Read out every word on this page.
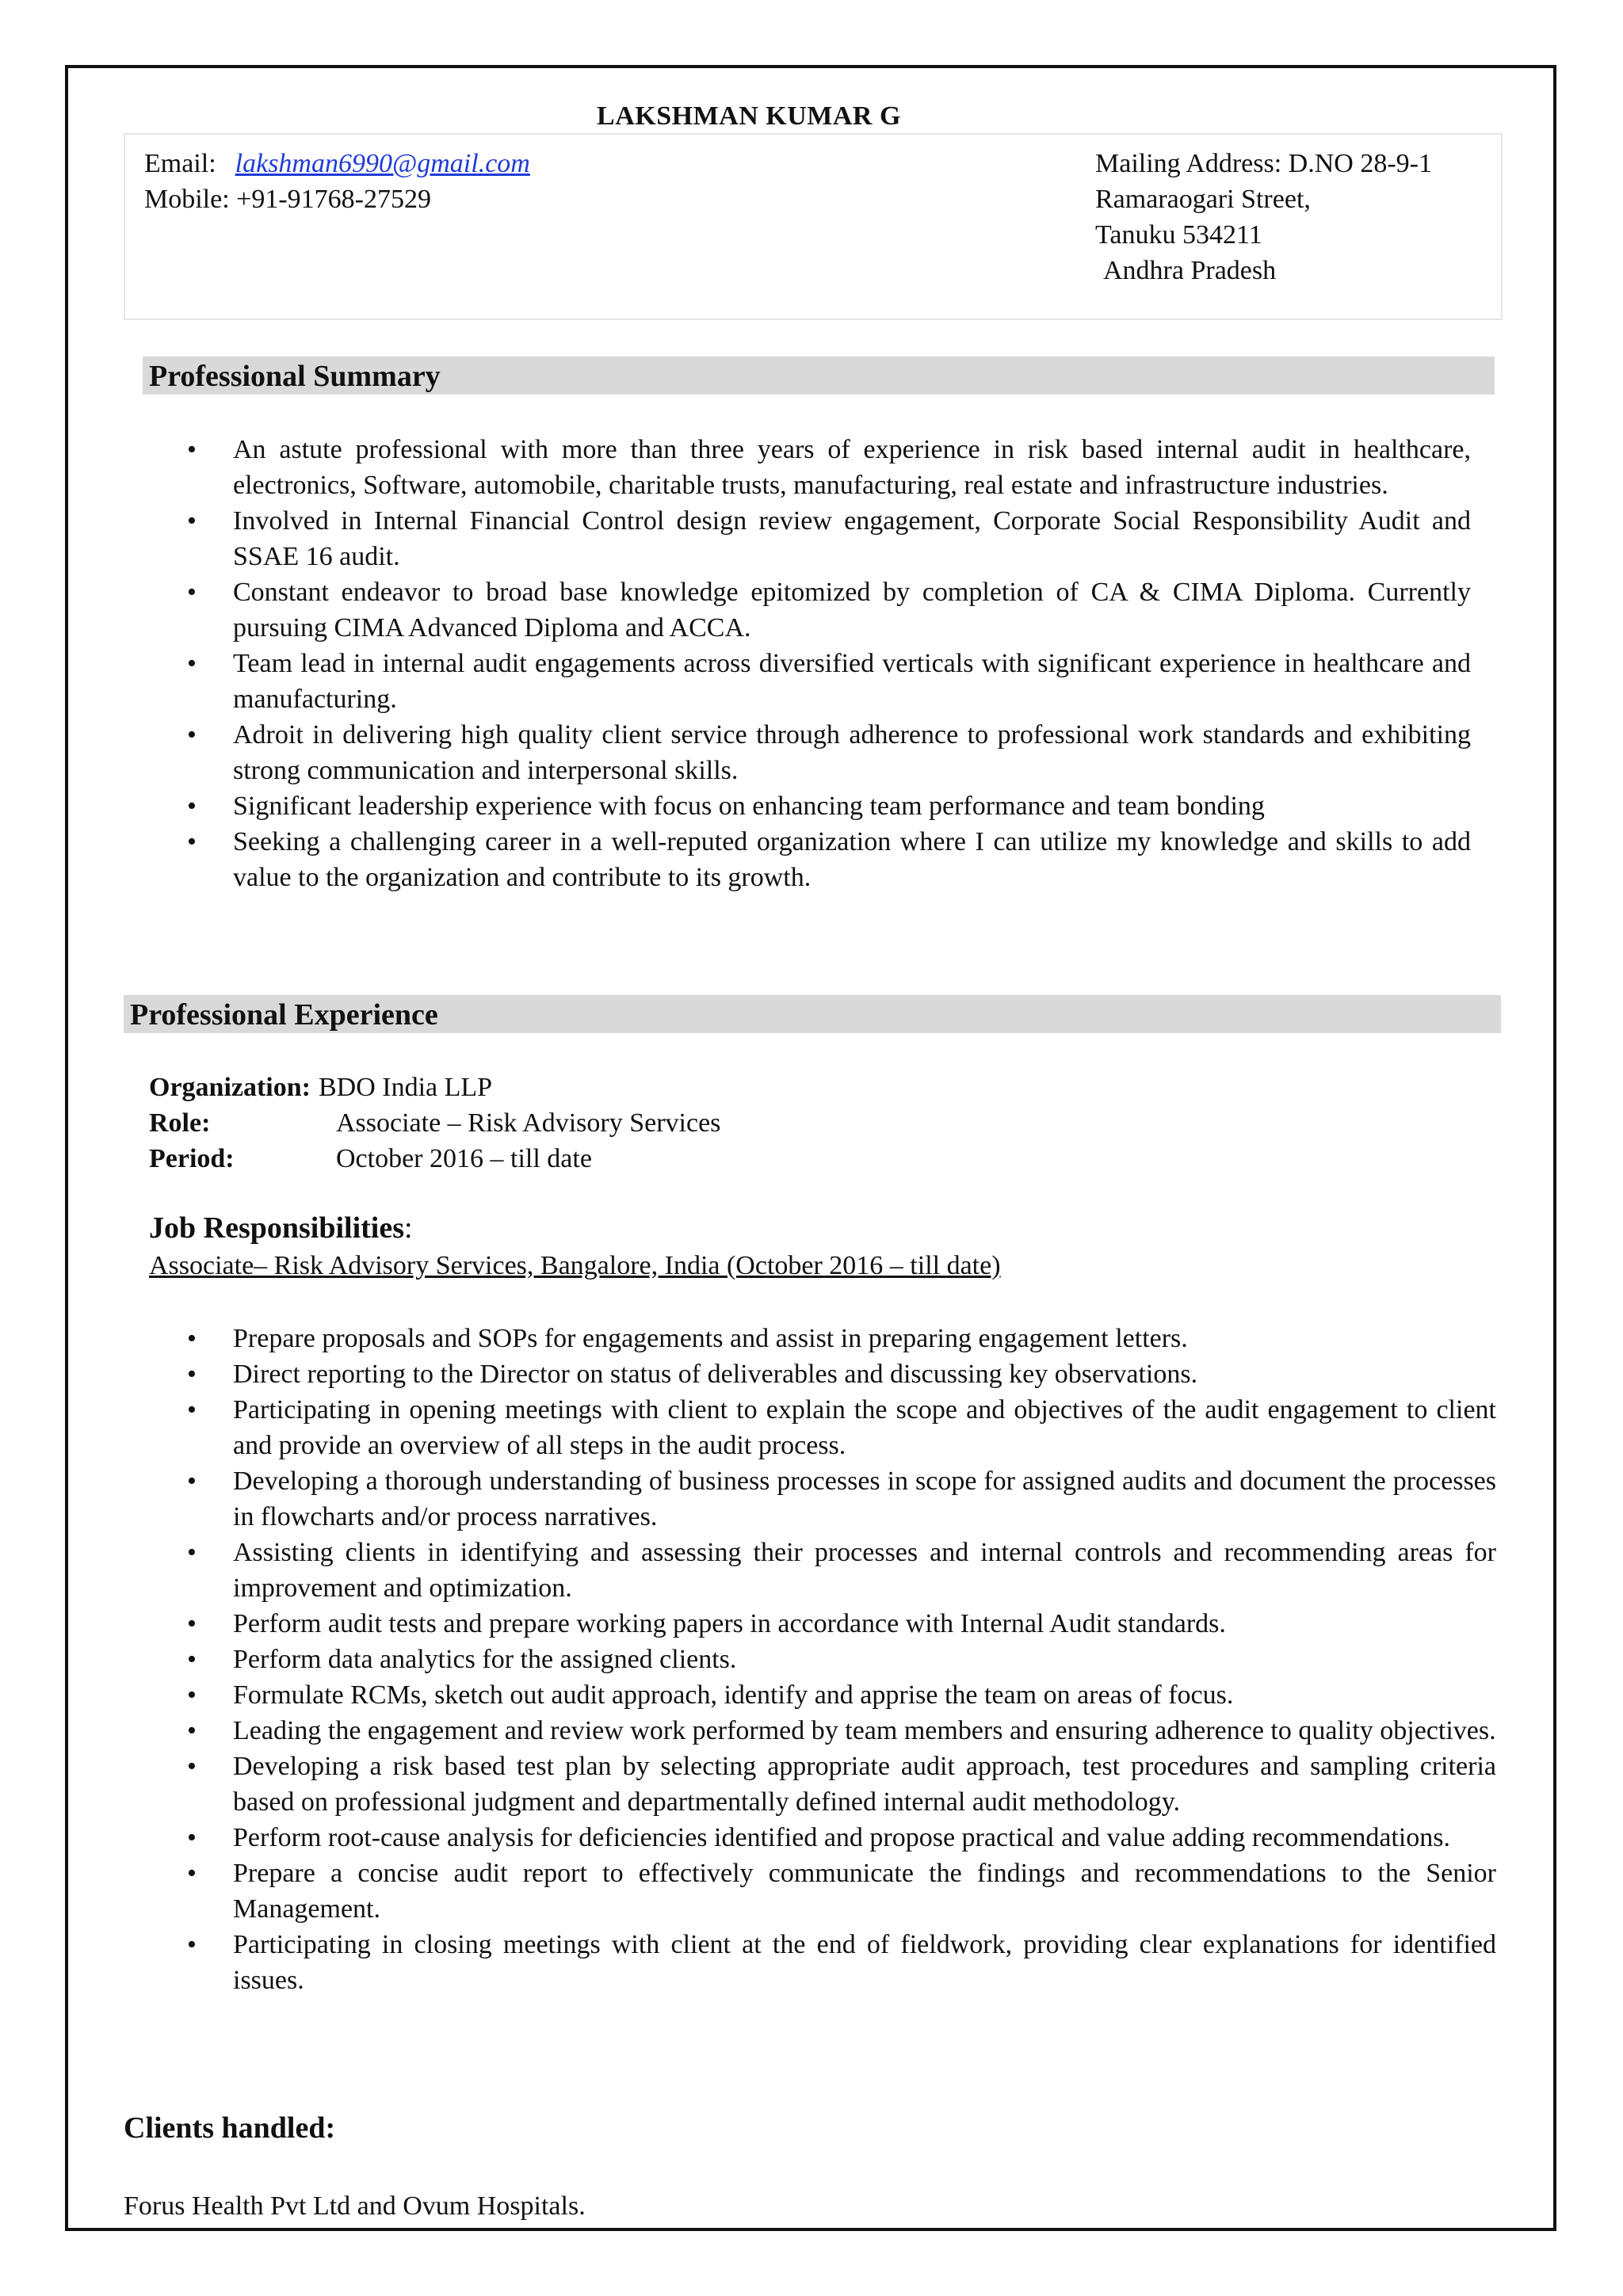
LAKSHMAN KUMAR G
Email: lakshman6990@gmail.com
Mobile: +91-91768-27529
Mailing Address: D.NO 28-9-1
Ramaraogari Street,
Tanuku 534211
Andhra Pradesh
Professional Summary
• An astute professional with more than three years of experience in risk based internal audit in healthcare, electronics, Software, automobile, charitable trusts, manufacturing, real estate and infrastructure industries.
• Involved in Internal Financial Control design review engagement, Corporate Social Responsibility Audit and SSAE 16 audit.
• Constant endeavor to broad base knowledge epitomized by completion of CA & CIMA Diploma. Currently pursuing CIMA Advanced Diploma and ACCA.
• Team lead in internal audit engagements across diversified verticals with significant experience in healthcare and manufacturing.
• Adroit in delivering high quality client service through adherence to professional work standards and exhibiting strong communication and interpersonal skills.
• Significant leadership experience with focus on enhancing team performance and team bonding
• Seeking a challenging career in a well-reputed organization where I can utilize my knowledge and skills to add value to the organization and contribute to its growth.
Professional Experience
Organization: BDO India LLP
Role:	Associate – Risk Advisory Services
Period:	October 2016 – till date
Job Responsibilities:
Associate– Risk Advisory Services, Bangalore, India (October 2016 – till date)
• Prepare proposals and SOPs for engagements and assist in preparing engagement letters.
• Direct reporting to the Director on status of deliverables and discussing key observations.
• Participating in opening meetings with client to explain the scope and objectives of the audit engagement to client and provide an overview of all steps in the audit process.
• Developing a thorough understanding of business processes in scope for assigned audits and document the processes in flowcharts and/or process narratives.
• Assisting clients in identifying and assessing their processes and internal controls and recommending areas for improvement and optimization.
• Perform audit tests and prepare working papers in accordance with Internal Audit standards.
• Perform data analytics for the assigned clients.
• Formulate RCMs, sketch out audit approach, identify and apprise the team on areas of focus.
• Leading the engagement and review work performed by team members and ensuring adherence to quality objectives.
• Developing a risk based test plan by selecting appropriate audit approach, test procedures and sampling criteria based on professional judgment and departmentally defined internal audit methodology.
• Perform root-cause analysis for deficiencies identified and propose practical and value adding recommendations.
• Prepare a concise audit report to effectively communicate the findings and recommendations to the Senior Management.
• Participating in closing meetings with client at the end of fieldwork, providing clear explanations for identified issues.
Clients handled:
Forus Health Pvt Ltd and Ovum Hospitals.
